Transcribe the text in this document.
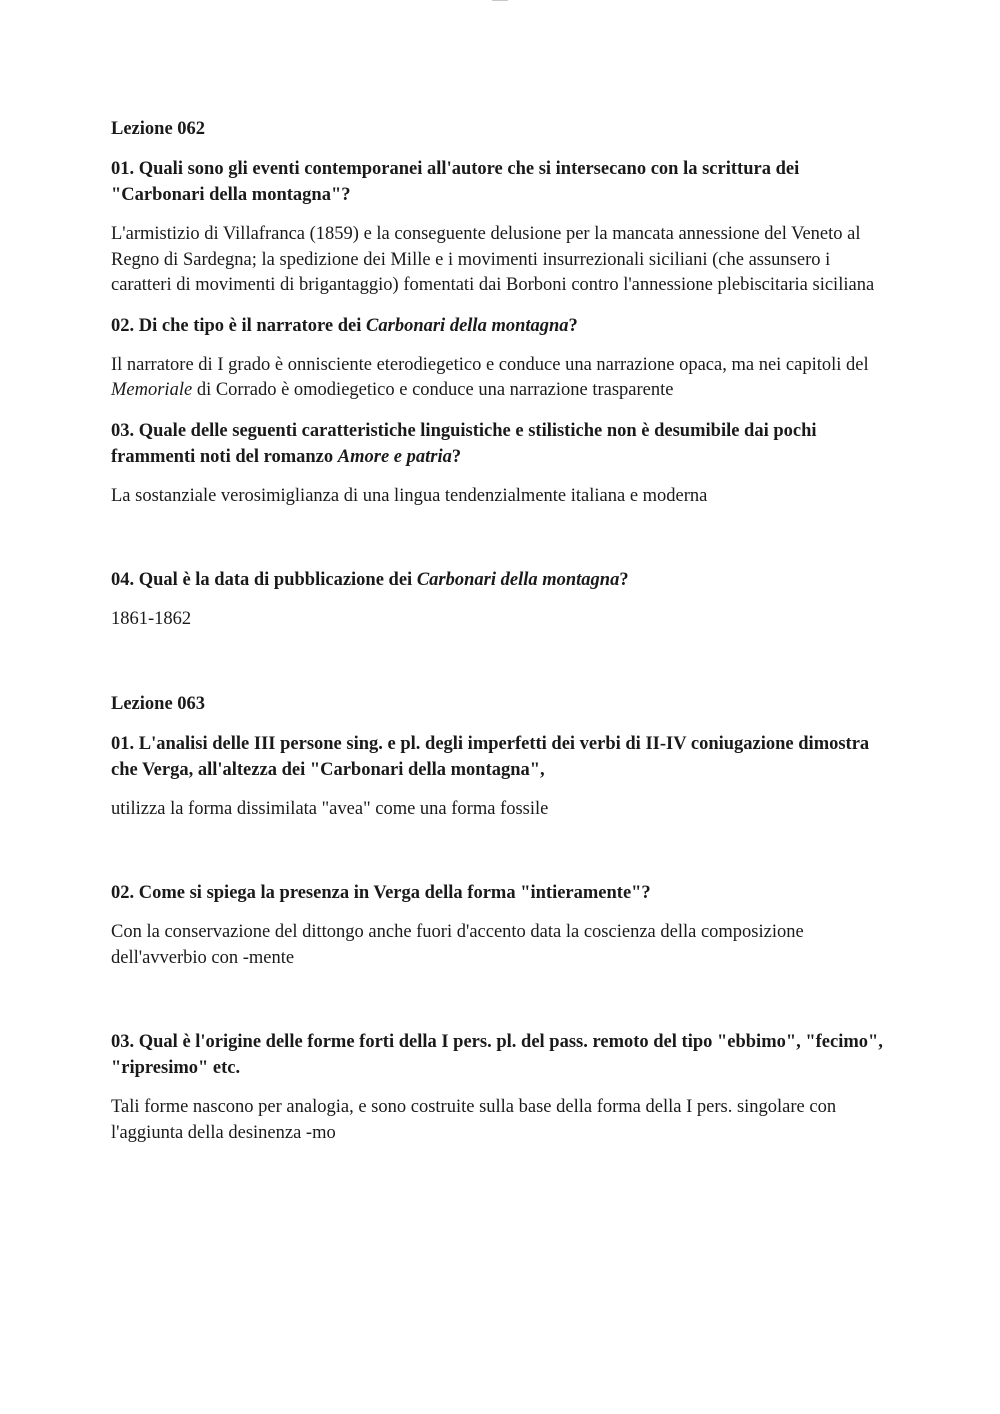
Lezione 062
01. Quali sono gli eventi contemporanei all'autore che si intersecano con la scrittura dei "Carbonari della montagna"?
L'armistizio di Villafranca (1859) e la conseguente delusione per la mancata annessione del Veneto al Regno di Sardegna; la spedizione dei Mille e i movimenti insurrezionali siciliani (che assunsero i caratteri di movimenti di brigantaggio) fomentati dai Borboni contro l'annessione plebiscitaria siciliana
02. Di che tipo è il narratore dei Carbonari della montagna?
Il narratore di I grado è onnisciente eterodiegetico e conduce una narrazione opaca, ma nei capitoli del Memoriale di Corrado è omodiegetico e conduce una narrazione trasparente
03. Quale delle seguenti caratteristiche linguistiche e stilistiche non è desumibile dai pochi frammenti noti del romanzo Amore e patria?
La sostanziale verosimiglianza di una lingua tendenzialmente italiana e moderna
04. Qual è la data di pubblicazione dei Carbonari della montagna?
1861-1862
Lezione 063
01. L'analisi delle III persone sing. e pl. degli imperfetti dei verbi di II-IV coniugazione dimostra che Verga, all'altezza dei "Carbonari della montagna",
utilizza la forma dissimilata "avea" come una forma fossile
02. Come si spiega la presenza in Verga della forma "intieramente"?
Con la conservazione del dittongo anche fuori d'accento data la coscienza della composizione dell'avverbio con -mente
03. Qual è l'origine delle forme forti della I pers. pl. del pass. remoto del tipo "ebbimo", "fecimo", "ripresimo" etc.
Tali forme nascono per analogia, e sono costruite sulla base della forma della I pers. singolare con l'aggiunta della desinenza -mo
